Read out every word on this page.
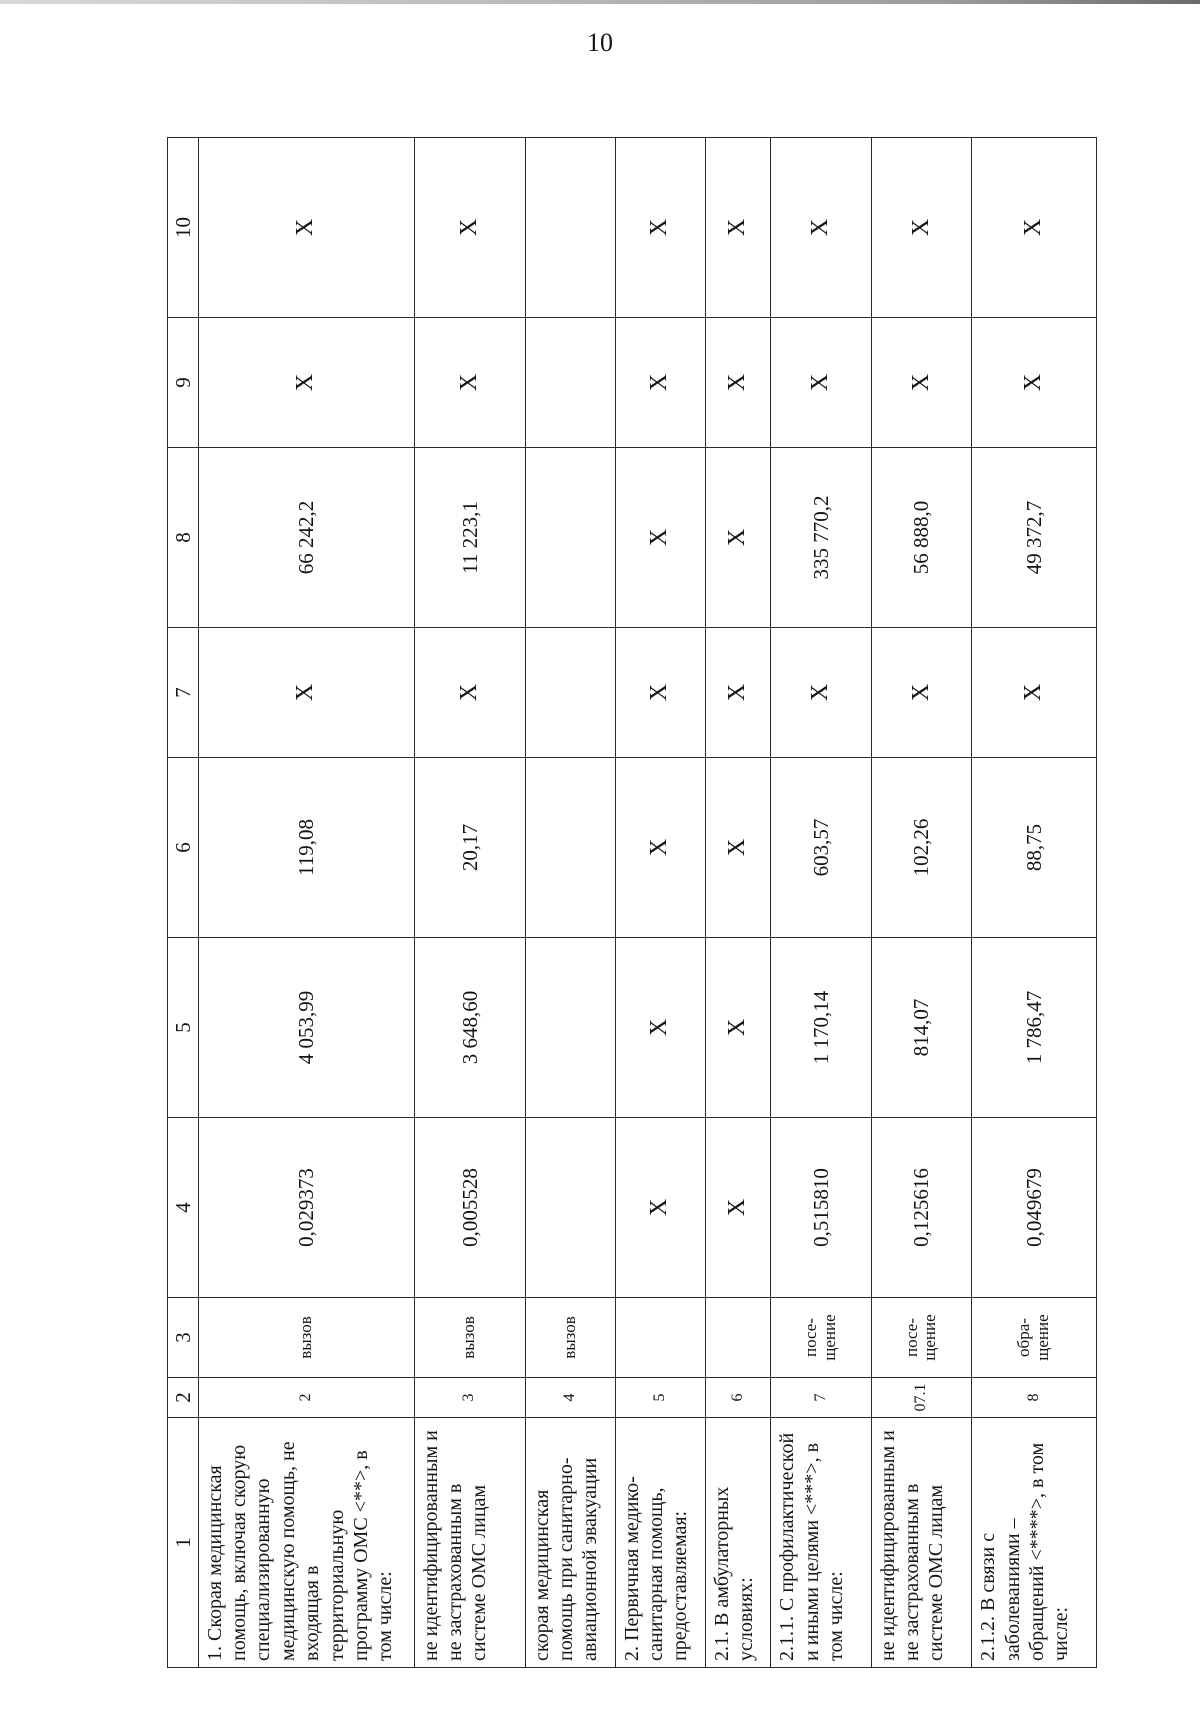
10
1	2	3	4	5	6	7	8	9	10
1. Скорая медицинская помощь, включая скорую специализированную медицинскую помощь, не входящая в территориальную программу ОМС <**>, в том числе:	2	вызов	0,029373	4 053,99	119,08	Х	66 242,2	Х	Х
не идентифицированным и не застрахованным в системе ОМС лицам	3	вызов	0,005528	3 648,60	20,17	Х	11 223,1	Х	Х
скорая медицинская помощь при санитарно-авиационной эвакуации	4	вызов							
2. Первичная медико-санитарная помощь, предоставляемая:	5		Х	Х	Х	Х	Х	Х	Х
2.1. В амбулаторных условиях:	6		Х	Х	Х	Х	Х	Х	Х
2.1.1. С профилактической и иными целями <***>, в том числе:	7	посе-щение	0,515810	1 170,14	603,57	Х	335 770,2	Х	Х
не идентифицированным и не застрахованным в системе ОМС лицам	07.1	посе-щение	0,125616	814,07	102,26	Х	56 888,0	Х	Х
2.1.2. В связи с заболеваниями – обращений <****>, в том числе:	8	обра-щение	0,049679	1 786,47	88,75	Х	49 372,7	Х	Х
